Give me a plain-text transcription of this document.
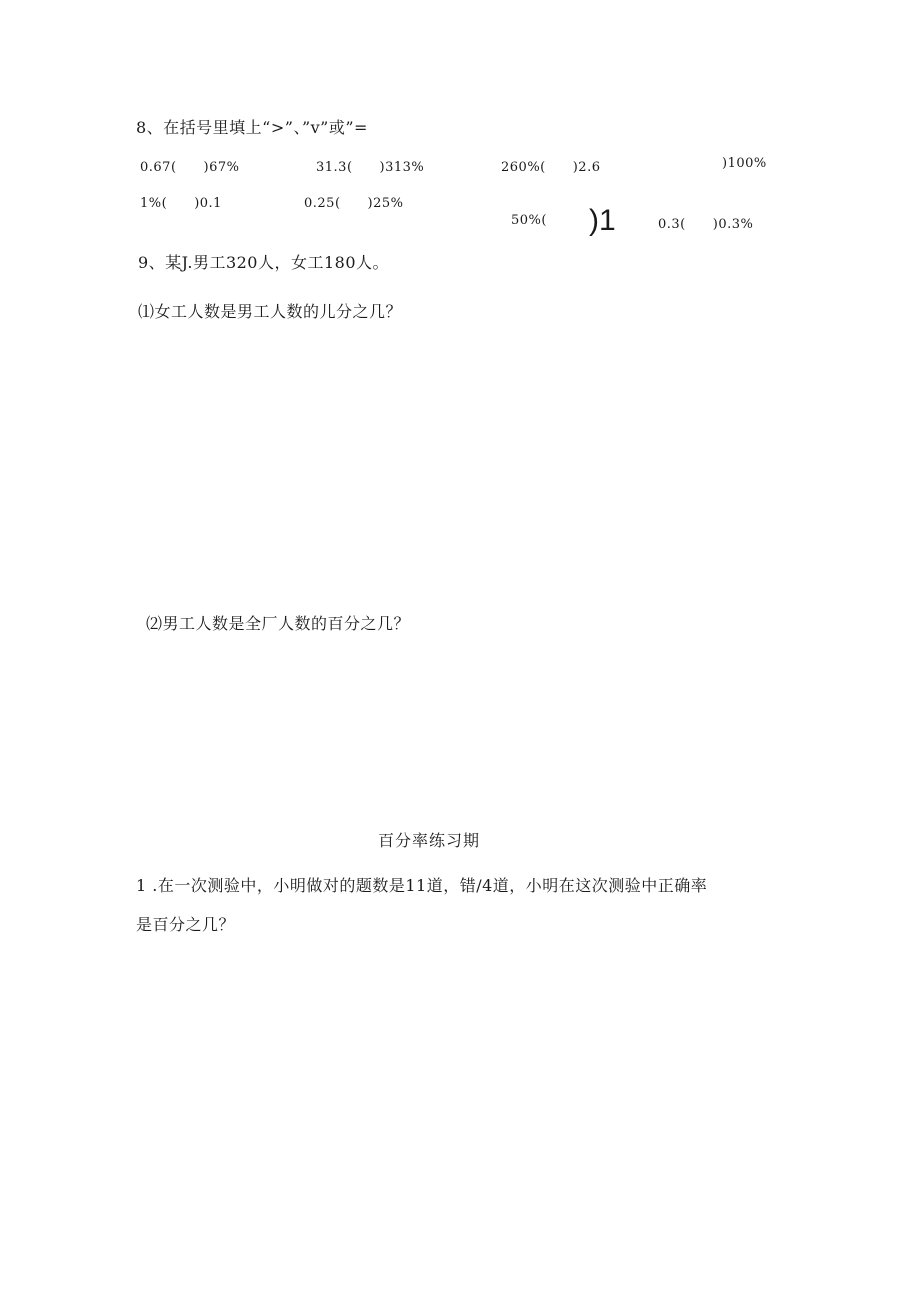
8、在括号里填上“>”、”v”或”=
0.67(　　)67%	31.3(　　)313%	260%(　　)2.6	)100%
1%(　　)0.1	0.25(　　)25%
50%( )1	0.3(　　)0.3%
9、某J.男工320人，女工180人。
⑴女工人数是男工人数的儿分之几？
⑵男工人数是全厂人数的百分之几？
百分率练习期
1 .在一次测验中，小明做对的题数是11道，错/4道，小明在这次测验中正确率
是百分之几？
